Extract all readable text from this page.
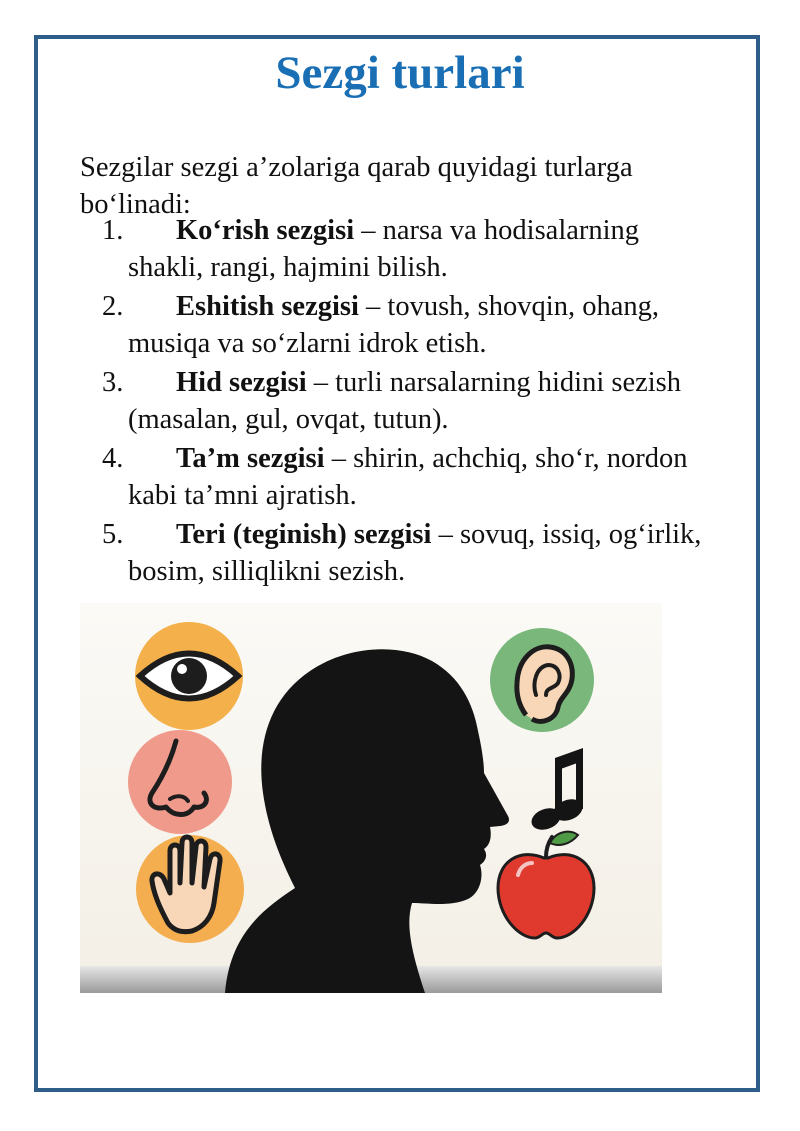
Sezgi turlari

Sezgilar sezgi a’zolariga qarab quyidagi turlarga bo‘linadi:

1. Ko‘rish sezgisi – narsa va hodisalarning shakli, rangi, hajmini bilish.
2. Eshitish sezgisi – tovush, shovqin, ohang, musiqa va so‘zlarni idrok etish.
3. Hid sezgisi – turli narsalarning hidini sezish (masalan, gul, ovqat, tutun).
4. Ta’m sezgisi – shirin, achchiq, sho‘r, nordon kabi ta’mni ajratish.
5. Teri (teginish) sezgisi – sovuq, issiq, og‘irlik, bosim, silliqlikni sezish.
